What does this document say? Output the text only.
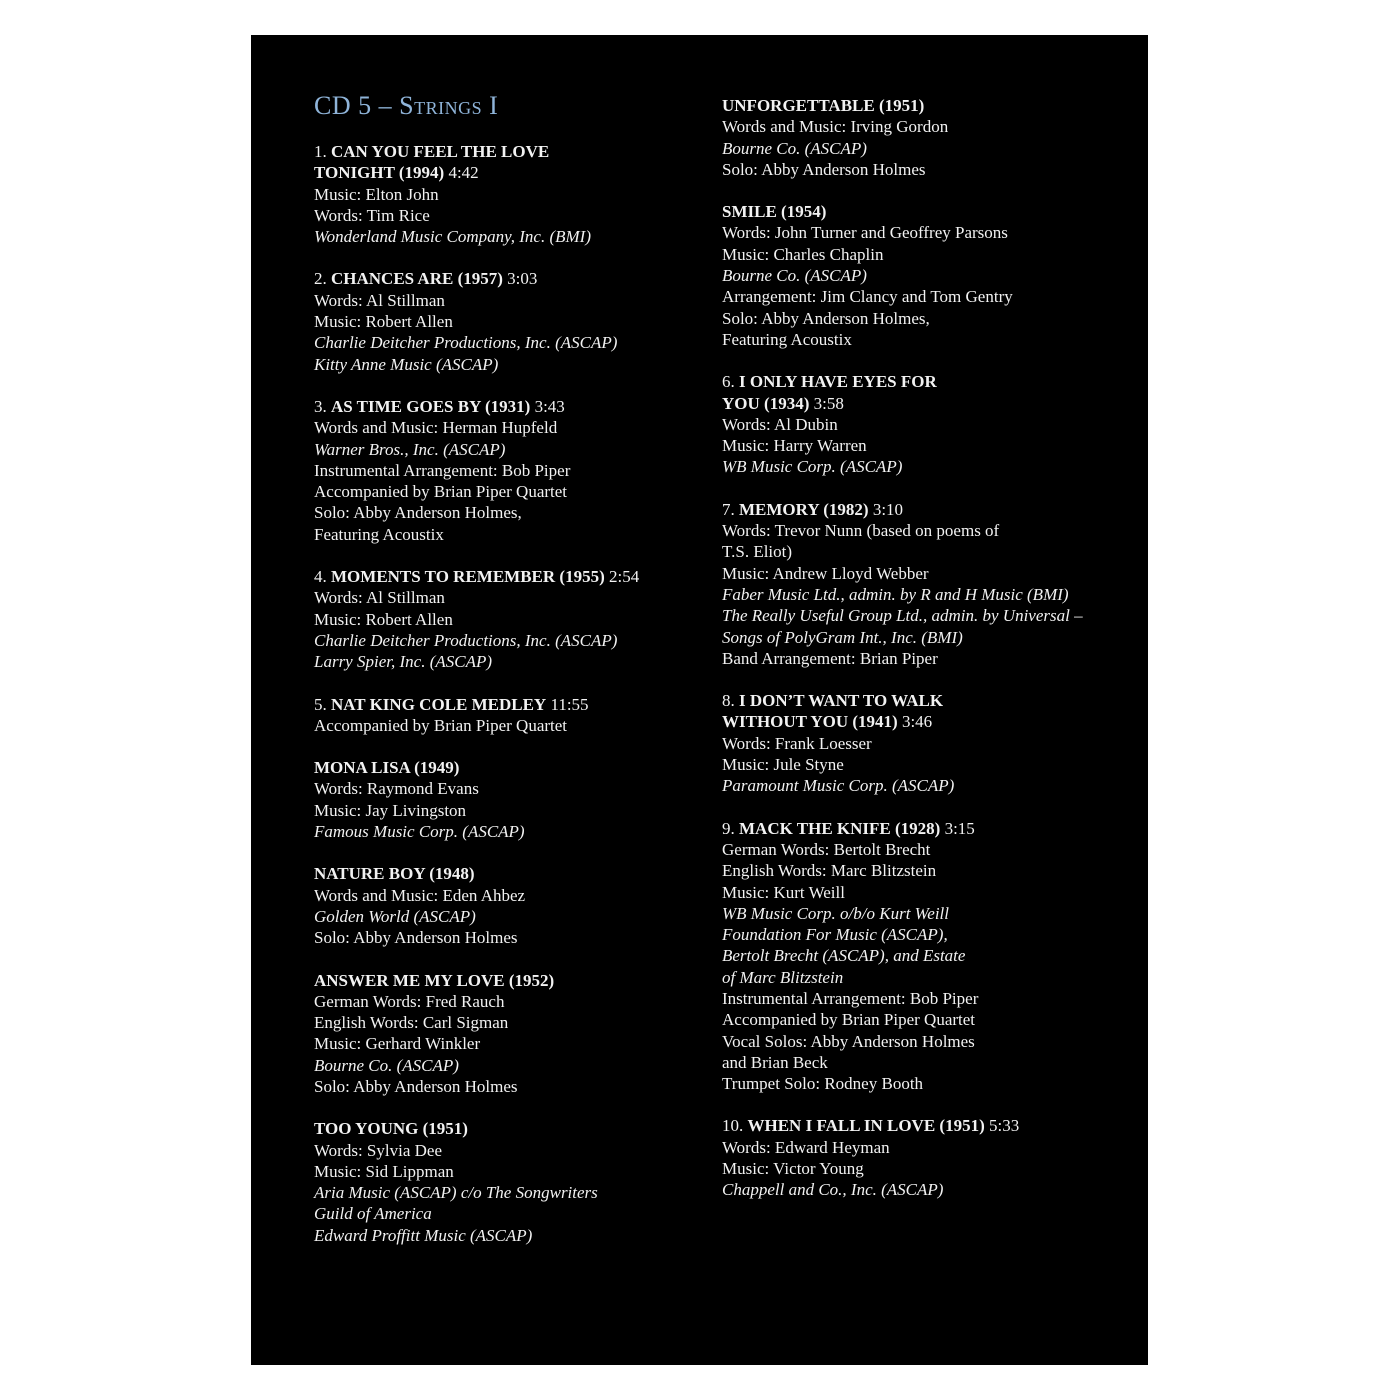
CD 5 – Strings I
1. CAN YOU FEEL THE LOVE
TONIGHT (1994) 4:42
Music: Elton John
Words: Tim Rice
Wonderland Music Company, Inc. (BMI)
2. CHANCES ARE (1957) 3:03
Words: Al Stillman
Music: Robert Allen
Charlie Deitcher Productions, Inc. (ASCAP)
Kitty Anne Music (ASCAP)
3. AS TIME GOES BY (1931) 3:43
Words and Music: Herman Hupfeld
Warner Bros., Inc. (ASCAP)
Instrumental Arrangement: Bob Piper
Accompanied by Brian Piper Quartet
Solo: Abby Anderson Holmes,
Featuring Acoustix
4. MOMENTS TO REMEMBER (1955) 2:54
Words: Al Stillman
Music: Robert Allen
Charlie Deitcher Productions, Inc. (ASCAP)
Larry Spier, Inc. (ASCAP)
5. NAT KING COLE MEDLEY 11:55
Accompanied by Brian Piper Quartet
MONA LISA (1949)
Words: Raymond Evans
Music: Jay Livingston
Famous Music Corp. (ASCAP)
NATURE BOY (1948)
Words and Music: Eden Ahbez
Golden World (ASCAP)
Solo: Abby Anderson Holmes
ANSWER ME MY LOVE (1952)
German Words: Fred Rauch
English Words: Carl Sigman
Music: Gerhard Winkler
Bourne Co. (ASCAP)
Solo: Abby Anderson Holmes
TOO YOUNG (1951)
Words: Sylvia Dee
Music: Sid Lippman
Aria Music (ASCAP) c/o The Songwriters
Guild of America
Edward Proffitt Music (ASCAP)
UNFORGETTABLE (1951)
Words and Music: Irving Gordon
Bourne Co. (ASCAP)
Solo: Abby Anderson Holmes
SMILE (1954)
Words: John Turner and Geoffrey Parsons
Music: Charles Chaplin
Bourne Co. (ASCAP)
Arrangement: Jim Clancy and Tom Gentry
Solo: Abby Anderson Holmes,
Featuring Acoustix
6. I ONLY HAVE EYES FOR
YOU (1934) 3:58
Words: Al Dubin
Music: Harry Warren
WB Music Corp. (ASCAP)
7. MEMORY (1982) 3:10
Words: Trevor Nunn (based on poems of
T.S. Eliot)
Music: Andrew Lloyd Webber
Faber Music Ltd., admin. by R and H Music (BMI)
The Really Useful Group Ltd., admin. by Universal –
Songs of PolyGram Int., Inc. (BMI)
Band Arrangement: Brian Piper
8. I DON’T WANT TO WALK
WITHOUT YOU (1941) 3:46
Words: Frank Loesser
Music: Jule Styne
Paramount Music Corp. (ASCAP)
9. MACK THE KNIFE (1928) 3:15
German Words: Bertolt Brecht
English Words: Marc Blitzstein
Music: Kurt Weill
WB Music Corp. o/b/o Kurt Weill
Foundation For Music (ASCAP),
Bertolt Brecht (ASCAP), and Estate
of Marc Blitzstein
Instrumental Arrangement: Bob Piper
Accompanied by Brian Piper Quartet
Vocal Solos: Abby Anderson Holmes
and Brian Beck
Trumpet Solo: Rodney Booth
10. WHEN I FALL IN LOVE (1951) 5:33
Words: Edward Heyman
Music: Victor Young
Chappell and Co., Inc. (ASCAP)
